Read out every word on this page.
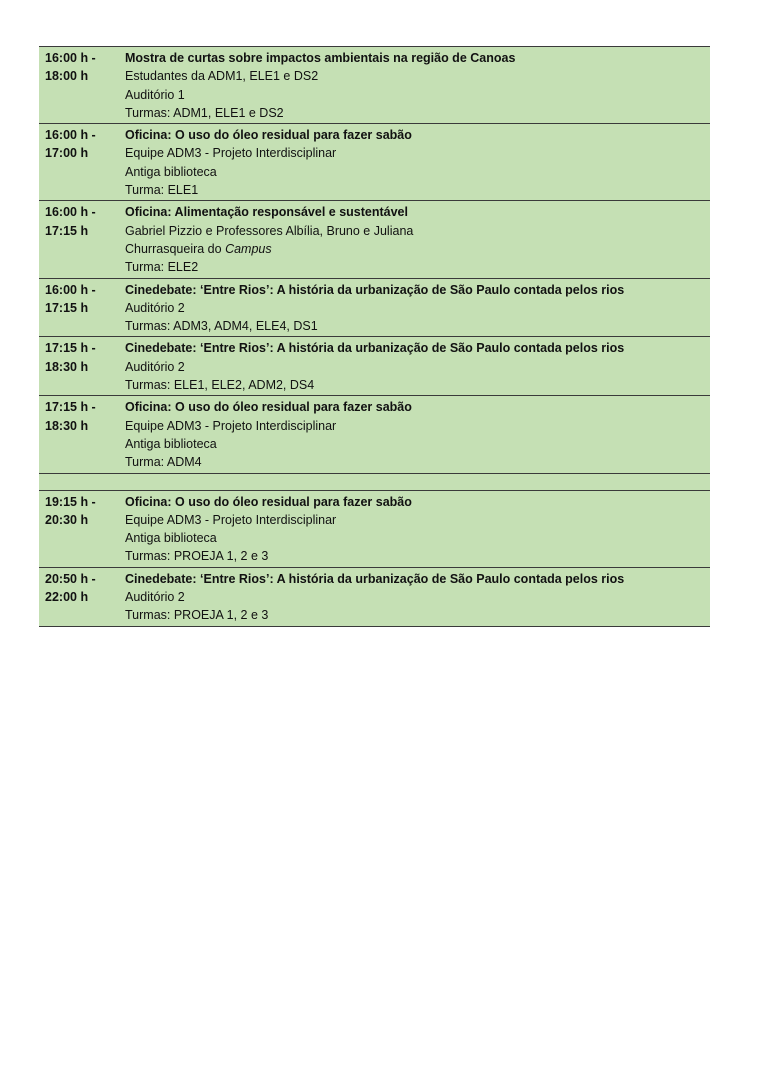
16:00 h -
18:00 h
Mostra de curtas sobre impactos ambientais na região de Canoas
Estudantes da ADM1, ELE1 e DS2
Auditório 1
Turmas: ADM1, ELE1 e DS2
16:00 h -
17:00 h
Oficina: O uso do óleo residual para fazer sabão
Equipe ADM3 - Projeto Interdisciplinar
Antiga biblioteca
Turma: ELE1
16:00 h -
17:15 h
Oficina: Alimentação responsável e sustentável
Gabriel Pizzio e Professores Albília, Bruno e Juliana
Churrasqueira do Campus
Turma: ELE2
16:00 h -
17:15 h
Cinedebate: ‘Entre Rios’: A história da urbanização de São Paulo contada pelos rios
Auditório 2
Turmas: ADM3, ADM4, ELE4, DS1
17:15 h -
18:30 h
Cinedebate: ‘Entre Rios’: A história da urbanização de São Paulo contada pelos rios
Auditório 2
Turmas: ELE1, ELE2, ADM2, DS4
17:15 h -
18:30 h
Oficina: O uso do óleo residual para fazer sabão
Equipe ADM3 - Projeto Interdisciplinar
Antiga biblioteca
Turma: ADM4
19:15 h -
20:30 h
Oficina: O uso do óleo residual para fazer sabão
Equipe ADM3 - Projeto Interdisciplinar
Antiga biblioteca
Turmas: PROEJA 1, 2 e 3
20:50 h -
22:00 h
Cinedebate: ‘Entre Rios’: A história da urbanização de São Paulo contada pelos rios
Auditório 2
Turmas: PROEJA 1, 2 e 3
